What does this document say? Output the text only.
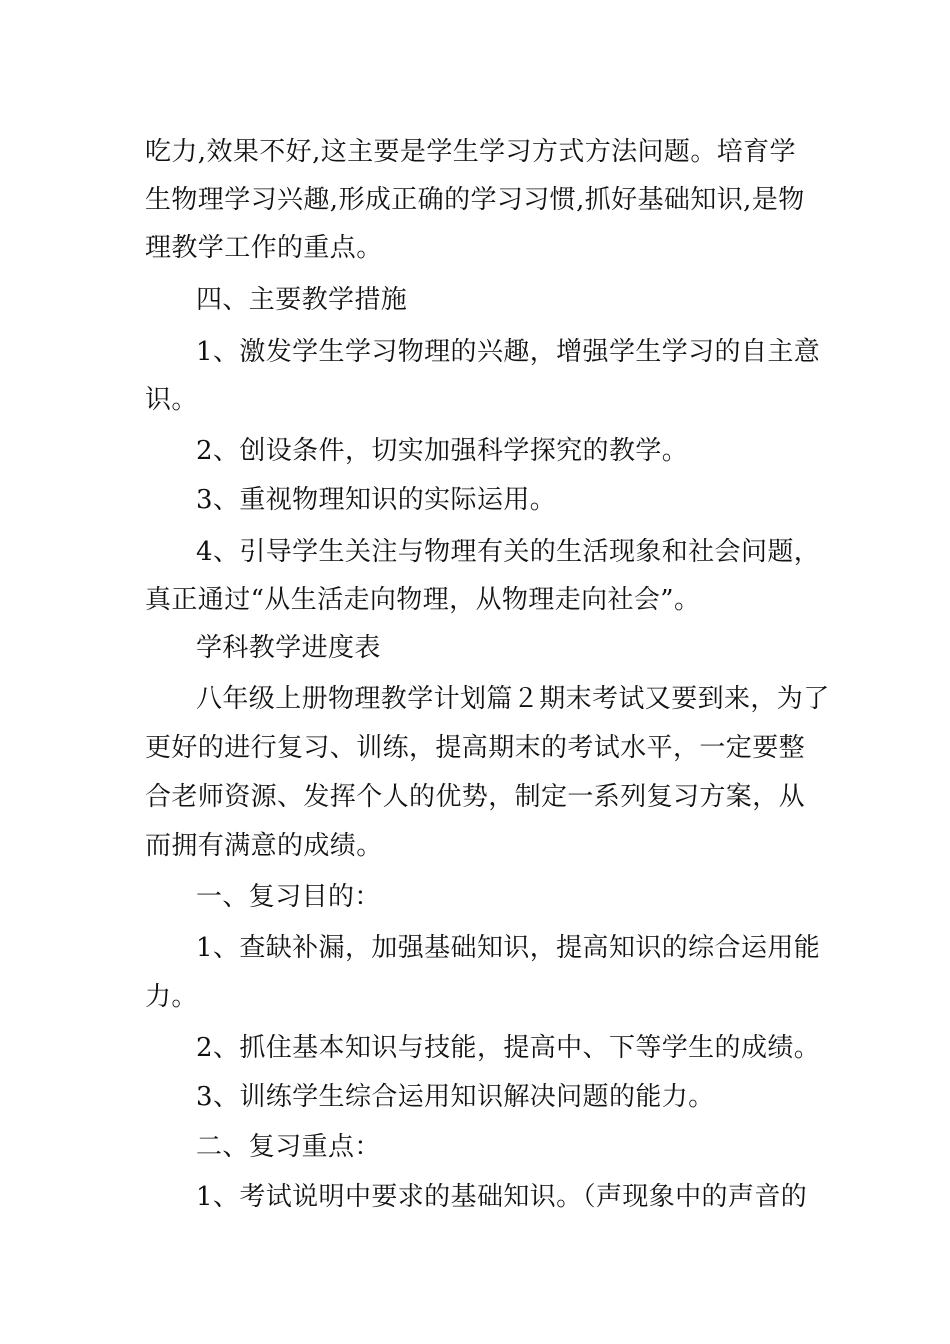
吃力,效果不好,这主要是学生学习方式方法问题。培育学
生物理学习兴趣,形成正确的学习习惯,抓好基础知识,是物
理教学工作的重点。
四、主要教学措施
1、激发学生学习物理的兴趣，增强学生学习的自主意
识。
2、创设条件，切实加强科学探究的教学。
3、重视物理知识的实际运用。
4、引导学生关注与物理有关的生活现象和社会问题，
真正通过“从生活走向物理，从物理走向社会”。
学科教学进度表
八年级上册物理教学计划篇２期末考试又要到来，为了
更好的进行复习、训练，提高期末的考试水平，一定要整
合老师资源、发挥个人的优势，制定一系列复习方案，从
而拥有满意的成绩。
一、复习目的：
1、查缺补漏，加强基础知识，提高知识的综合运用能
力。
2、抓住基本知识与技能，提高中、下等学生的成绩。
3、训练学生综合运用知识解决问题的能力。
二、复习重点：
1、考试说明中要求的基础知识。（声现象中的声音的
